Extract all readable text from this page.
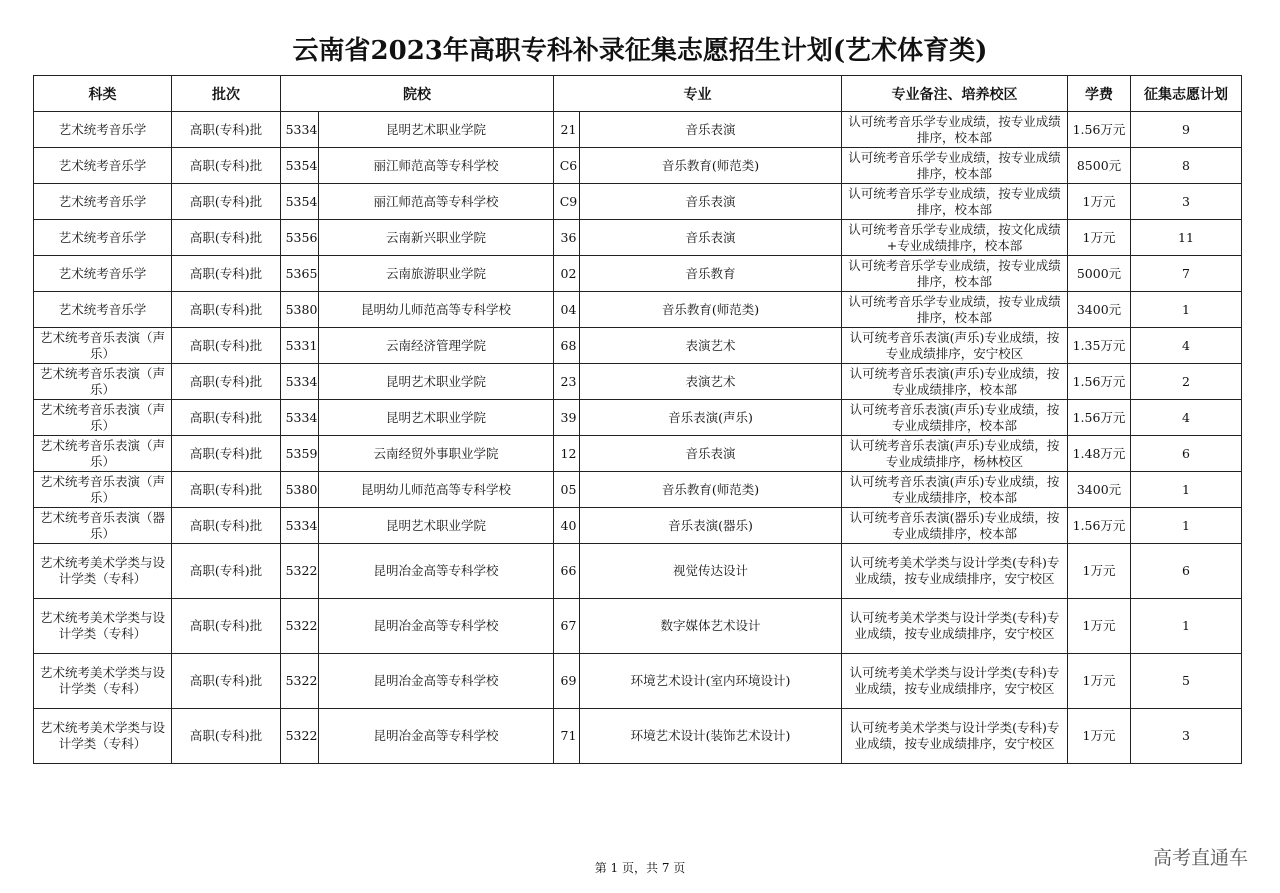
云南省2023年高职专科补录征集志愿招生计划(艺术体育类)
科类	批次	院校		专业		专业备注、培养校区	学费	征集志愿计划
艺术统考音乐学	高职(专科)批	5334	昆明艺术职业学院	21	音乐表演	认可统考音乐学专业成绩，按专业成绩排序，校本部	1.56万元	9
艺术统考音乐学	高职(专科)批	5354	丽江师范高等专科学校	C6	音乐教育(师范类)	认可统考音乐学专业成绩，按专业成绩排序，校本部	8500元	8
艺术统考音乐学	高职(专科)批	5354	丽江师范高等专科学校	C9	音乐表演	认可统考音乐学专业成绩，按专业成绩排序，校本部	1万元	3
艺术统考音乐学	高职(专科)批	5356	云南新兴职业学院	36	音乐表演	认可统考音乐学专业成绩，按文化成绩+专业成绩排序，校本部	1万元	11
艺术统考音乐学	高职(专科)批	5365	云南旅游职业学院	02	音乐教育	认可统考音乐学专业成绩，按专业成绩排序，校本部	5000元	7
艺术统考音乐学	高职(专科)批	5380	昆明幼儿师范高等专科学校	04	音乐教育(师范类)	认可统考音乐学专业成绩，按专业成绩排序，校本部	3400元	1
艺术统考音乐表演（声乐）	高职(专科)批	5331	云南经济管理学院	68	表演艺术	认可统考音乐表演(声乐)专业成绩，按专业成绩排序，安宁校区	1.35万元	4
艺术统考音乐表演（声乐）	高职(专科)批	5334	昆明艺术职业学院	23	表演艺术	认可统考音乐表演(声乐)专业成绩，按专业成绩排序，校本部	1.56万元	2
艺术统考音乐表演（声乐）	高职(专科)批	5334	昆明艺术职业学院	39	音乐表演(声乐)	认可统考音乐表演(声乐)专业成绩，按专业成绩排序，校本部	1.56万元	4
艺术统考音乐表演（声乐）	高职(专科)批	5359	云南经贸外事职业学院	12	音乐表演	认可统考音乐表演(声乐)专业成绩，按专业成绩排序，杨林校区	1.48万元	6
艺术统考音乐表演（声乐）	高职(专科)批	5380	昆明幼儿师范高等专科学校	05	音乐教育(师范类)	认可统考音乐表演(声乐)专业成绩，按专业成绩排序，校本部	3400元	1
艺术统考音乐表演（器乐）	高职(专科)批	5334	昆明艺术职业学院	40	音乐表演(器乐)	认可统考音乐表演(器乐)专业成绩，按专业成绩排序，校本部	1.56万元	1
艺术统考美术学类与设计学类（专科）	高职(专科)批	5322	昆明冶金高等专科学校	66	视觉传达设计	认可统考美术学类与设计学类(专科)专业成绩，按专业成绩排序，安宁校区	1万元	6
艺术统考美术学类与设计学类（专科）	高职(专科)批	5322	昆明冶金高等专科学校	67	数字媒体艺术设计	认可统考美术学类与设计学类(专科)专业成绩，按专业成绩排序，安宁校区	1万元	1
艺术统考美术学类与设计学类（专科）	高职(专科)批	5322	昆明冶金高等专科学校	69	环境艺术设计(室内环境设计)	认可统考美术学类与设计学类(专科)专业成绩，按专业成绩排序，安宁校区	1万元	5
艺术统考美术学类与设计学类（专科）	高职(专科)批	5322	昆明冶金高等专科学校	71	环境艺术设计(装饰艺术设计)	认可统考美术学类与设计学类(专科)专业成绩，按专业成绩排序，安宁校区	1万元	3
第 1 页，共 7 页	高考直通车
